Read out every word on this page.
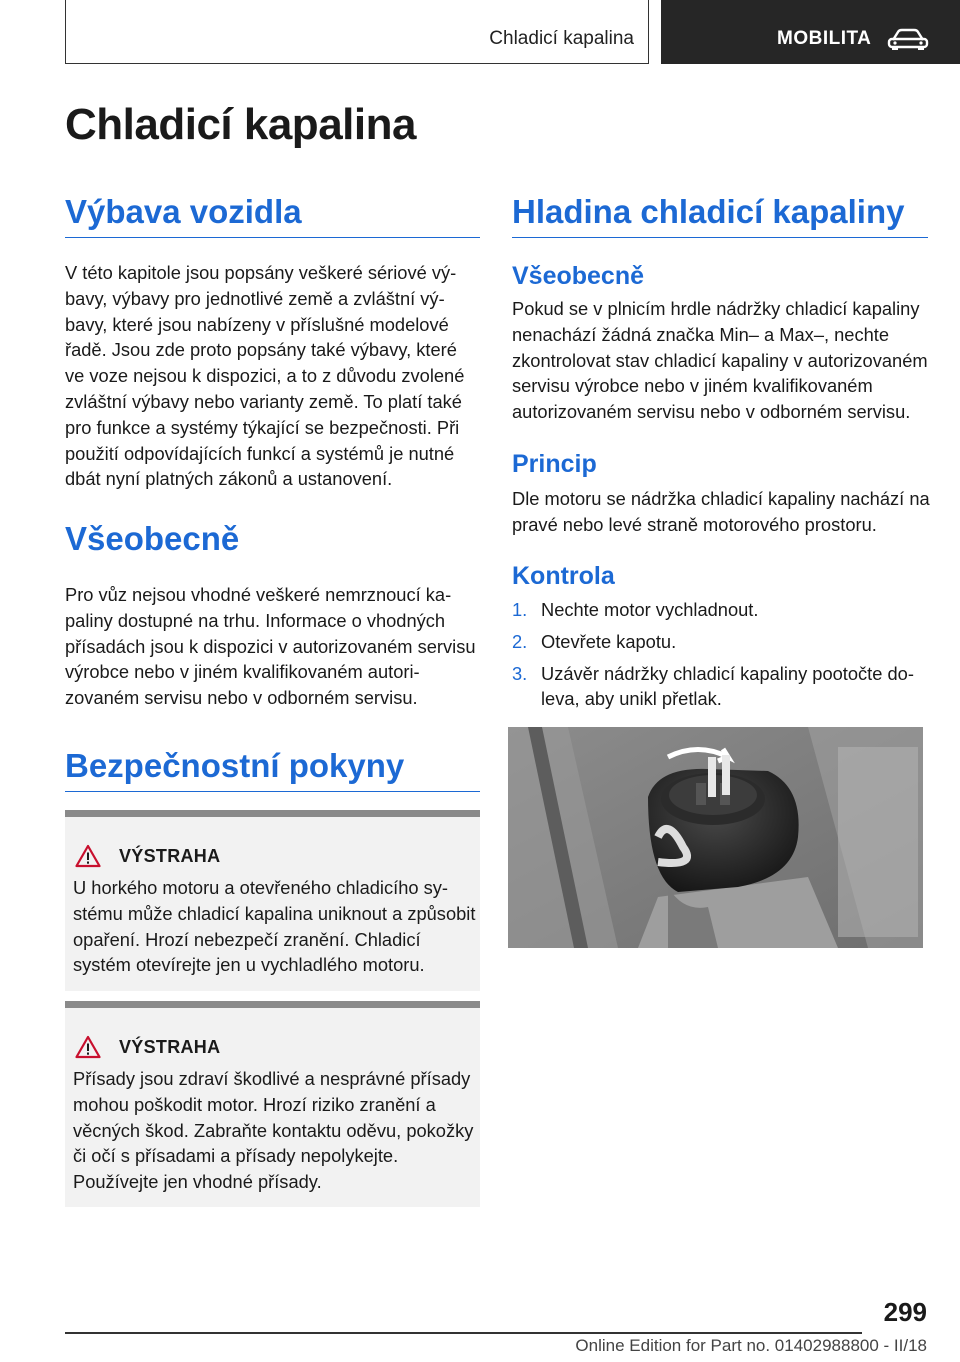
Chladicí kapalina	MOBILITA
Chladicí kapalina
Výbava vozidla

V této kapitole jsou popsány veškeré sériové výbavy, výbavy pro jednotlivé země a zvláštní výbavy, které jsou nabízeny v příslušné modelové řadě. Jsou zde proto popsány také výbavy, které ve voze nejsou k dispozici, a to z důvodu zvolené zvláštní výbavy nebo varianty země. To platí také pro funkce a systémy týkající se bezpečnosti. Při použití odpovídajících funkcí a systémů je nutné dbát nyní platných zákonů a ustanovení.

Všeobecně

Pro vůz nejsou vhodné veškeré nemrznoucí kapaliny dostupné na trhu. Informace o vhodných přísadách jsou k dispozici v autorizovaném servisu výrobce nebo v jiném kvalifikovaném autorizovaném servisu nebo v odborném servisu.

Bezpečnostní pokyny
VÝSTRAHA

U horkého motoru a otevřeného chladicího systému může chladicí kapalina uniknout a způsobit opaření. Hrozí nebezpečí zranění. Chladicí systém otevírejte jen u vychladlého motoru.

VÝSTRAHA

Přísady jsou zdraví škodlivé a nesprávné přísady mohou poškodit motor. Hrozí riziko zranění a věcných škod. Zabraňte kontaktu oděvu, pokožky či očí s přísadami a přísady nepolykejte. Používejte jen vhodné přísady.

Hladina chladicí kapaliny
Všeobecně

Pokud se v plnicím hrdle nádržky chladicí kapaliny nenachází žádná značka Min– a Max–, nechte zkontrolovat stav chladicí kapaliny v autorizovaném servisu výrobce nebo v jiném kvalifikovaném autorizovaném servisu nebo v odborném servisu.

Princip

Dle motoru se nádržka chladicí kapaliny nachází na pravé nebo levé straně motorového prostoru.

Kontrola
1. Nechte motor vychladnout.
2. Otevřete kapotu.
3. Uzávěr nádržky chladicí kapaliny pootočte doleva, aby unikl přetlak.
299
Online Edition for Part no. 01402988800 - II/18
